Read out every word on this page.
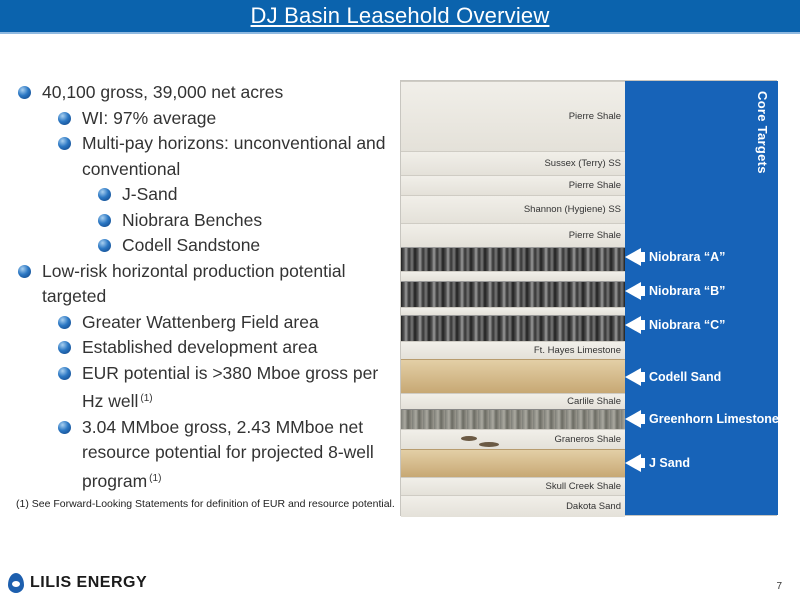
DJ Basin Leasehold Overview
40,100 gross, 39,000 net acres
WI: 97% average
Multi-pay horizons: unconventional and conventional
J-Sand
Niobrara Benches
Codell Sandstone
Low-risk horizontal production potential targeted
Greater Wattenberg Field area
Established development area
EUR potential is >380 Mboe gross per Hz well $^{(1)}$
3.04 MMboe gross, 2.43 MMboe net resource potential for projected 8-well program $^{(1)}$
(1) See Forward-Looking Statements for definition of EUR and resource potential.
Pierre Shale
Sussex (Terry) SS
Pierre Shale
Shannon (Hygiene) SS
Pierre Shale
Ft. Hayes Limestone
Carlile Shale
Graneros Shale
Skull Creek Shale
Dakota Sand
Core Targets
Niobrara “A”
Niobrara “B”
Niobrara “C”
Codell Sand
Greenhorn Limestone
J Sand
LILIS ENERGY	7
